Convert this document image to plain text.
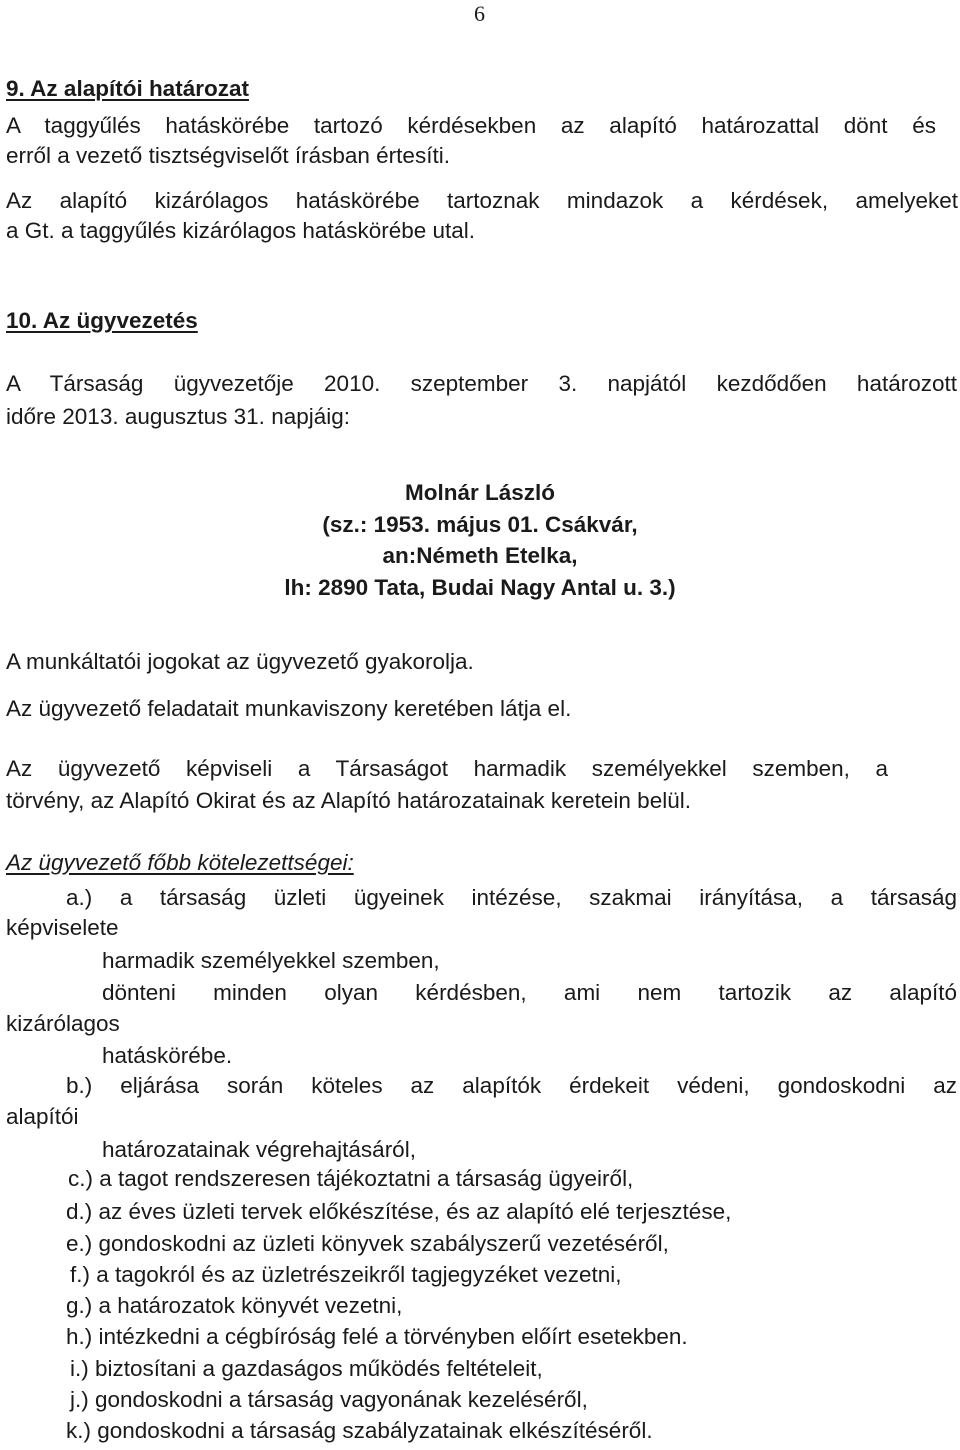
6
9. Az alapítói határozat
A taggyűlés hatáskörébe tartozó kérdésekben az alapító határozattal dönt és
erről a vezető tisztségviselőt írásban értesíti.
Az alapító kizárólagos hatáskörébe tartoznak mindazok a kérdések, amelyeket
a Gt. a taggyűlés kizárólagos hatáskörébe utal.
10. Az ügyvezetés
A Társaság ügyvezetője 2010. szeptember 3. napjától kezdődően határozott
időre 2013. augusztus 31. napjáig:
Molnár László
(sz.: 1953. május 01. Csákvár,
an:Németh Etelka,
lh: 2890 Tata, Budai Nagy Antal u. 3.)
A munkáltatói jogokat az ügyvezető gyakorolja.
Az ügyvezető feladatait munkaviszony keretében látja el.
Az ügyvezető képviseli a Társaságot harmadik személyekkel szemben, a
törvény, az Alapító Okirat és az Alapító határozatainak keretein belül.
Az ügyvezető főbb kötelezettségei:
a.) a társaság üzleti ügyeinek intézése, szakmai irányítása, a társaság
képviselete
harmadik személyekkel szemben,
dönteni minden olyan kérdésben, ami nem tartozik az alapító
kizárólagos
hatáskörébe.
b.) eljárása során köteles az alapítók érdekeit védeni, gondoskodni az
alapítói
határozatainak végrehajtásáról,
c.) a tagot rendszeresen tájékoztatni a társaság ügyeiről,
d.) az éves üzleti tervek előkészítése, és az alapító elé terjesztése,
e.) gondoskodni az üzleti könyvek szabályszerű vezetéséről,
f.) a tagokról és az üzletrészeikről tagjegyzéket vezetni,
g.) a határozatok könyvét vezetni,
h.) intézkedni a cégbíróság felé a törvényben előírt esetekben.
i.) biztosítani a gazdaságos működés feltételeit,
j.) gondoskodni a társaság vagyonának kezeléséről,
k.) gondoskodni a társaság szabályzatainak elkészítéséről.
